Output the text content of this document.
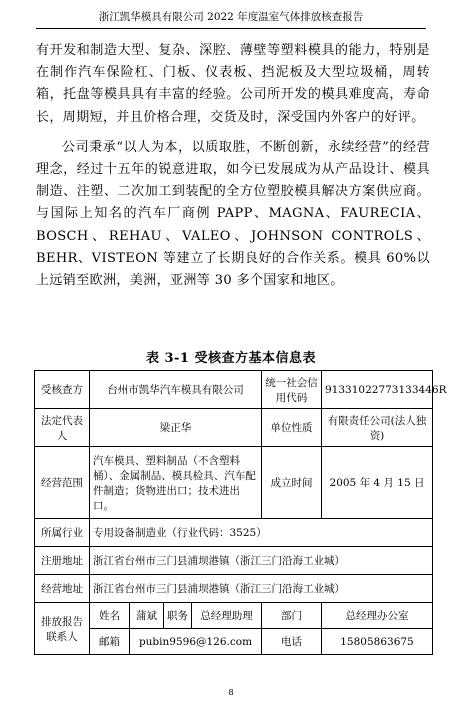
浙江凯华模具有限公司 2022 年度温室气体排放核查报告

有开发和制造大型、复杂、深腔、薄壁等塑料模具的能力，特别是在制作汽车保险杠、门板、仪表板、挡泥板及大型垃圾桶，周转箱，托盘等模具具有丰富的经验。公司所开发的模具难度高，寿命长，周期短，并且价格合理，交货及时，深受国内外客户的好评。

公司秉承“以人为本，以质取胜，不断创新，永续经营”的经营理念，经过十五年的锐意进取，如今已发展成为从产品设计、模具制造、注塑、二次加工到装配的全方位塑胶模具解决方案供应商。与国际上知名的汽车厂商例 PAPP、MAGNA、FAURECIA、BOSCH、REHAU、VALEO、JOHNSON CONTROLS、BEHR、VISTEON 等建立了长期良好的合作关系。模具 60%以上远销至欧洲，美洲，亚洲等 30 多个国家和地区。

表 3-1 受核查方基本信息表
受核查方	台州市凯华汽车模具有限公司				统一社会信用代码	91331022773133446R
法定代表人	梁正华				单位性质	有限责任公司(法人独资)
经营范围	汽车模具、塑料制品（不含塑料桶）、金属制品、模具检具、汽车配件制造；货物进出口；技术进出口。				成立时间	2005 年 4 月 15 日
所属行业	专用设备制造业（行业代码：3525）					
注册地址	浙江省台州市三门县浦坝港镇（浙江三门沿海工业城）					
经营地址	浙江省台州市三门县浦坝港镇（浙江三门沿海工业城）					
排放报告联系人	姓名	蒲斌	职务	总经理助理	部门	总经理办公室
	邮箱	pubin9596@126.com			电话	15805863675
8
